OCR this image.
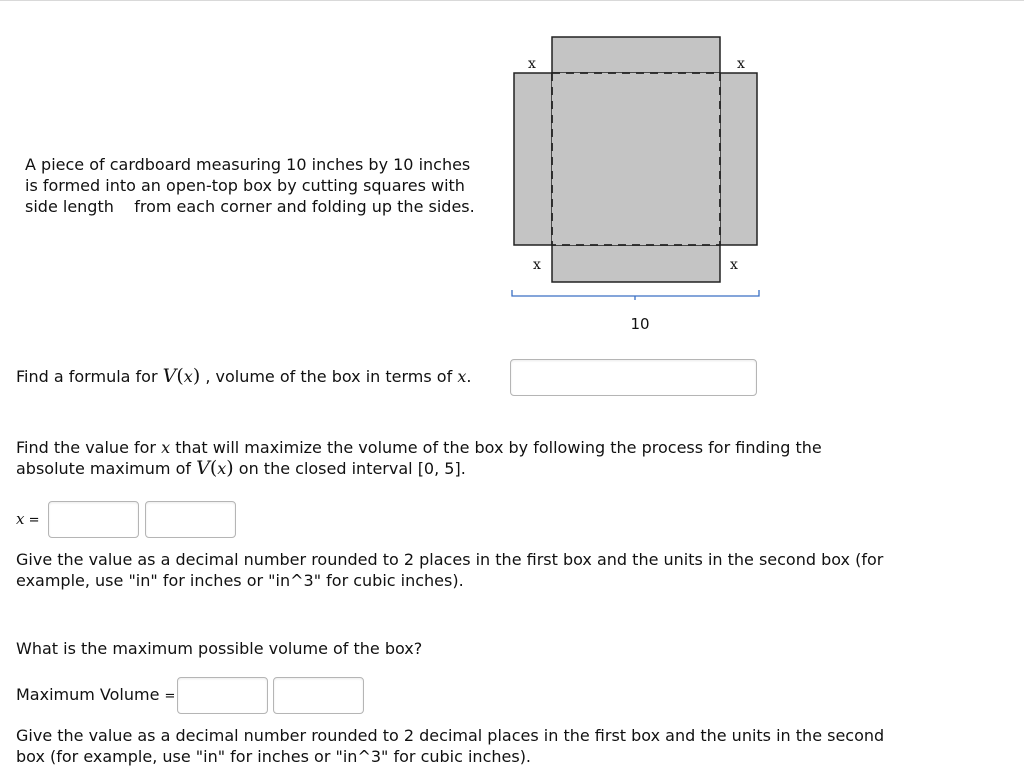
A piece of cardboard measuring 10 inches by 10 inches
is formed into an open-top box by cutting squares with
side length    from each corner and folding up the sides.
x	x
x	x
10
Find a formula for V(x) , volume of the box in terms of x.
Find the value for x that will maximize the volume of the box by following the process for finding the
absolute maximum of V(x) on the closed interval [0, 5].
x =
Give the value as a decimal number rounded to 2 places in the first box and the units in the second box (for
example, use "in" for inches or "in^3" for cubic inches).
What is the maximum possible volume of the box?
Maximum Volume =
Give the value as a decimal number rounded to 2 decimal places in the first box and the units in the second
box (for example, use "in" for inches or "in^3" for cubic inches).
